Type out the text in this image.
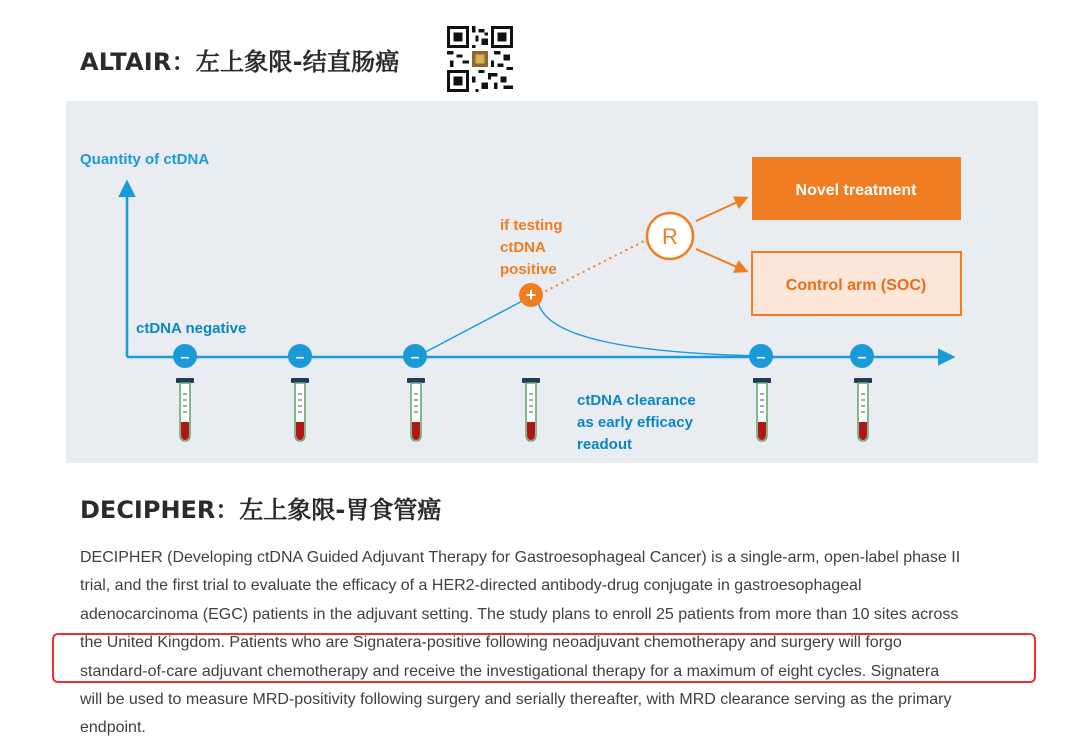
ALTAIR：左上象限-结直肠癌
Quantity of ctDNA
ctDNA negative
if testing ctDNA positive
+
R
Novel treatment
Control arm (SOC)
–	–	–	–	–
ctDNA clearance as early efficacy readout
DECIPHER：左上象限-胃食管癌
DECIPHER (Developing ctDNA Guided Adjuvant Therapy for Gastroesophageal Cancer) is a single-arm, open-label phase II
trial, and the first trial to evaluate the efficacy of a HER2-directed antibody-drug conjugate in gastroesophageal
adenocarcinoma (EGC) patients in the adjuvant setting. The study plans to enroll 25 patients from more than 10 sites across
the United Kingdom. Patients who are Signatera-positive following neoadjuvant chemotherapy and surgery will forgo
standard-of-care adjuvant chemotherapy and receive the investigational therapy for a maximum of eight cycles. Signatera
will be used to measure MRD-positivity following surgery and serially thereafter, with MRD clearance serving as the primary
endpoint.
